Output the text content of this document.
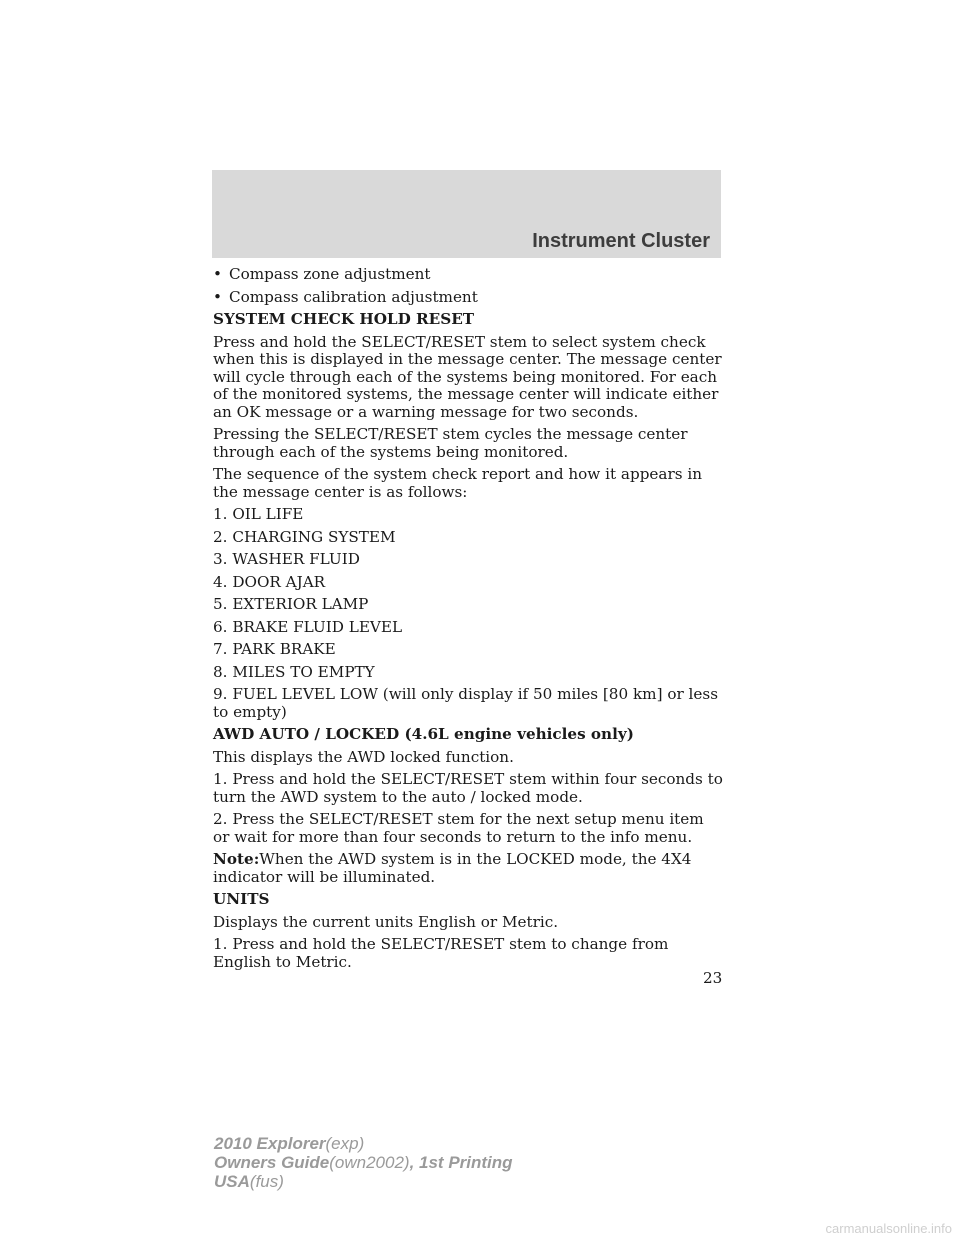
Instrument Cluster
• Compass zone adjustment
• Compass calibration adjustment

SYSTEM CHECK HOLD RESET

Press and hold the SELECT/RESET stem to select system check when this is displayed in the message center. The message center will cycle through each of the systems being monitored. For each of the monitored systems, the message center will indicate either an OK message or a warning message for two seconds.

Pressing the SELECT/RESET stem cycles the message center through each of the systems being monitored.

The sequence of the system check report and how it appears in the message center is as follows:

1. OIL LIFE

2. CHARGING SYSTEM

3. WASHER FLUID

4. DOOR AJAR

5. EXTERIOR LAMP

6. BRAKE FLUID LEVEL

7. PARK BRAKE

8. MILES TO EMPTY

9. FUEL LEVEL LOW (will only display if 50 miles [80 km] or less to empty)

AWD AUTO / LOCKED (4.6L engine vehicles only)

This displays the AWD locked function.

1. Press and hold the SELECT/RESET stem within four seconds to turn the AWD system to the auto / locked mode.

2. Press the SELECT/RESET stem for the next setup menu item or wait for more than four seconds to return to the info menu.

Note:When the AWD system is in the LOCKED mode, the 4X4 indicator will be illuminated.

UNITS

Displays the current units English or Metric.

1. Press and hold the SELECT/RESET stem to change from English to Metric.

23
2010 Explorer(exp)
Owners Guide(own2002), 1st Printing
USA(fus)
carmanualsonline.info
